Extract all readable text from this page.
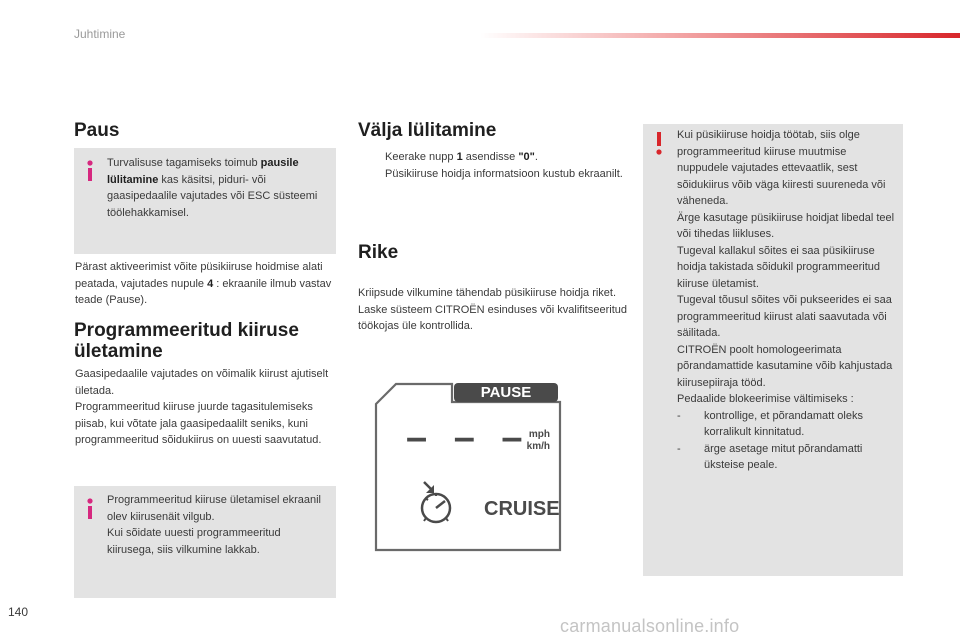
Juhtimine
Paus

Turvalisuse tagamiseks toimub pausile lülitamine kas käsitsi, piduri- või gaasipedaalile vajutades või ESC süsteemi töölehakkamisel.

Pärast aktiveerimist võite püsikiiruse hoidmise alati peatada, vajutades nupule 4 : ekraanile ilmub vastav teade (Pause).

Programmeeritud kiiruse ületamine

Gaasipedaalile vajutades on võimalik kiirust ajutiselt ületada.

Programmeeritud kiiruse juurde tagasitulemiseks piisab, kui võtate jala gaasipedaalilt seniks, kuni programmeeritud sõidukiirus on uuesti saavutatud.

Programmeeritud kiiruse ületamisel ekraanil olev kiirusenäit vilgub.

Kui sõidate uuesti programmeeritud kiirusega, siis vilkumine lakkab.

Välja lülitamine

Keerake nupp 1 asendisse "0".

Püsikiiruse hoidja informatsioon kustub ekraanilt.

Rike

Kriipsude vilkumine tähendab püsikiiruse hoidja riket.

Laske süsteem CITROËN esinduses või kvalifitseeritud töökojas üle kontrollida.

PAUSE
– – –
mph
km/h
CRUISE

Kui püsikiiruse hoidja töötab, siis olge programmeeritud kiiruse muutmise nuppudele vajutades ettevaatlik, sest sõidukiirus võib väga kiiresti suureneda või väheneda.

Ärge kasutage püsikiiruse hoidjat libedal teel või tihedas liikluses.

Tugeval kallakul sõites ei saa püsikiiruse hoidja takistada sõidukil programmeeritud kiiruse ületamist.

Tugeval tõusul sõites või pukseerides ei saa programmeeritud kiirust alati saavutada või säilitada.

CITROËN poolt homologeerimata põrandamattide kasutamine võib kahjustada kiirusepiiraja tööd.

Pedaalide blokeerimise vältimiseks :

-	kontrollige, et põrandamatt oleks korralikult kinnitatud.

-	ärge asetage mitut põrandamatti üksteise peale.

140
carmanualsonline.info
